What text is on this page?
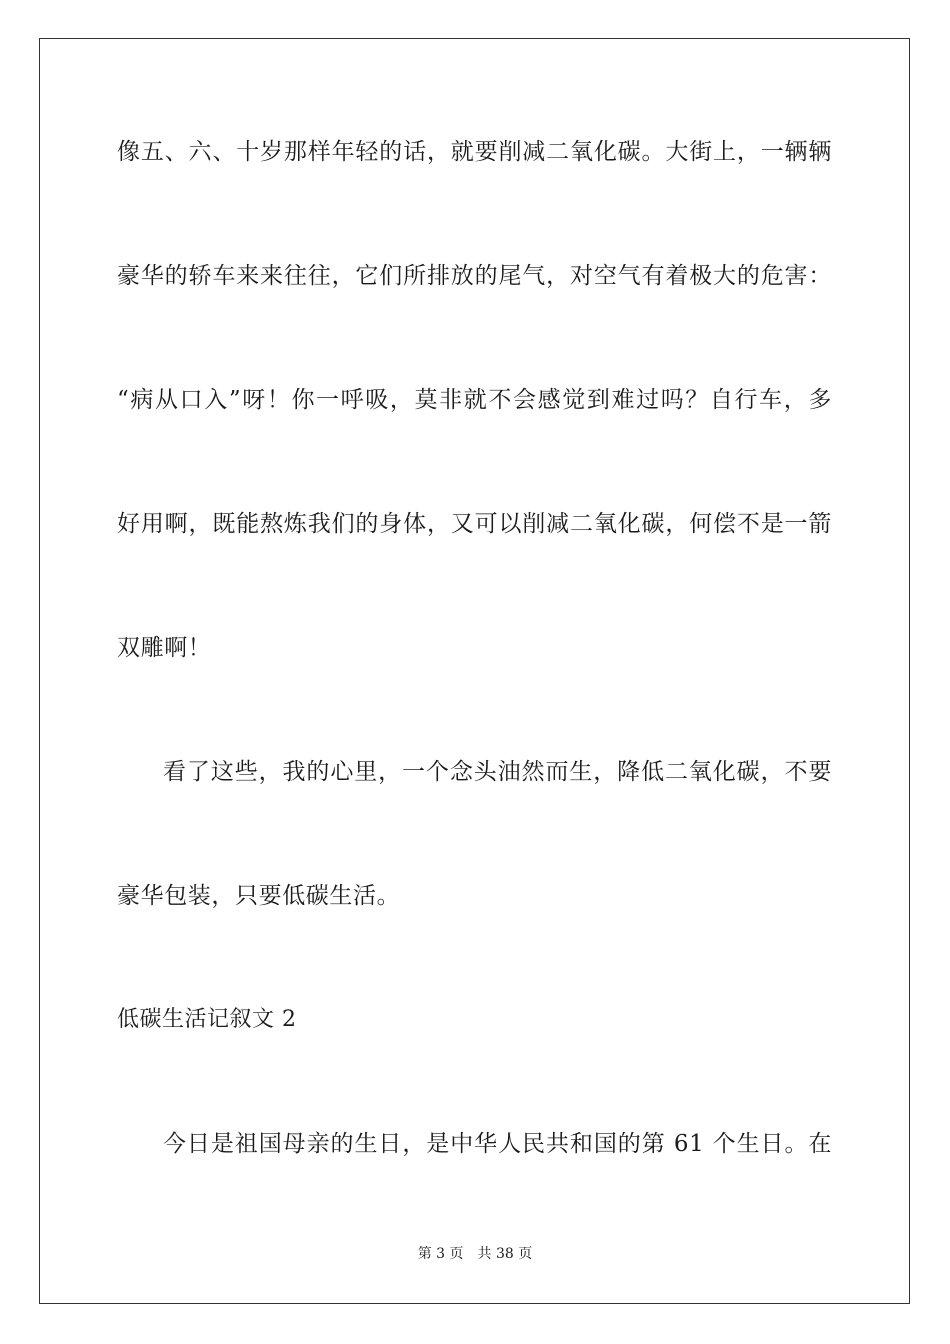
像五、六、十岁那样年轻的话，就要削减二氧化碳。大街上，一辆辆
豪华的轿车来来往往，它们所排放的尾气，对空气有着极大的危害：
“病从口入”呀！你一呼吸，莫非就不会感觉到难过吗？自行车，多
好用啊，既能熬炼我们的身体，又可以削减二氧化碳，何偿不是一箭
双雕啊！
看了这些，我的心里，一个念头油然而生，降低二氧化碳，不要
豪华包装，只要低碳生活。
低碳生活记叙文 2
今日是祖国母亲的生日，是中华人民共和国的第 61 个生日。在
第 3 页 共 38 页
